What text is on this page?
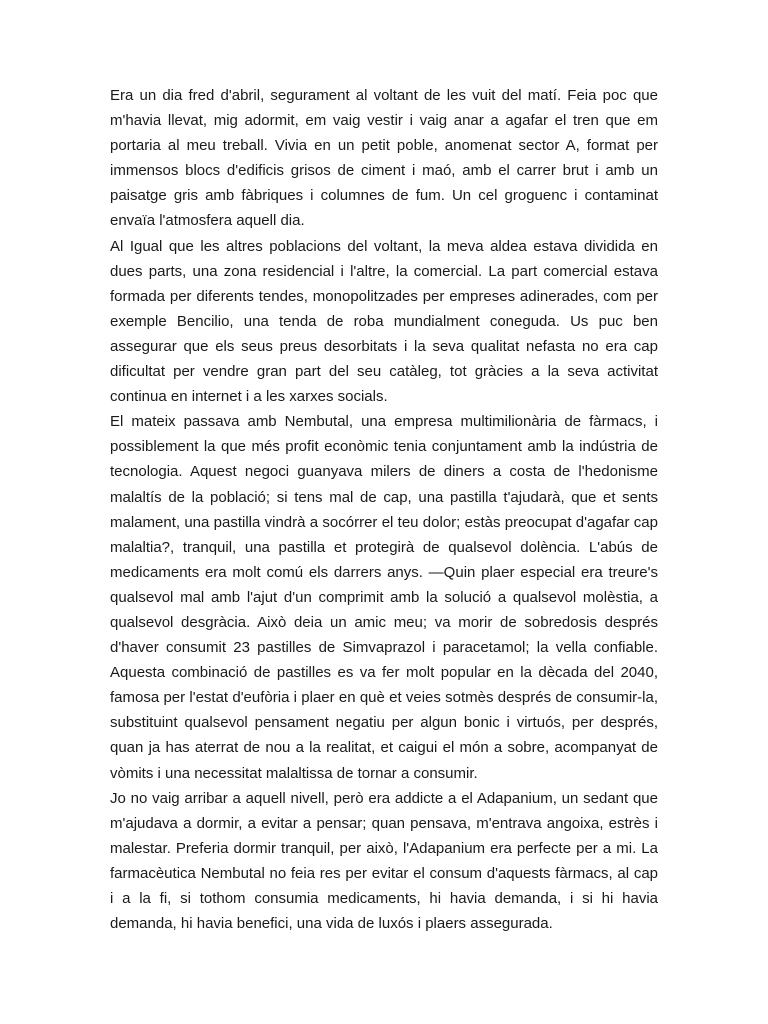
Era un dia fred d'abril, segurament al voltant de les vuit del matí. Feia poc que m'havia llevat, mig adormit, em vaig vestir i vaig anar a agafar el tren que em portaria al meu treball. Vivia en un petit poble, anomenat sector A, format per immensos blocs d'edificis grisos de ciment i maó, amb el carrer brut i amb un paisatge gris amb fàbriques i columnes de fum. Un cel groguenc i contaminat envaïa l'atmosfera aquell dia.

Al Igual que les altres poblacions del voltant, la meva aldea estava dividida en dues parts, una zona residencial i l'altre, la comercial. La part comercial estava formada per diferents tendes, monopolitzades per empreses adinerades, com per exemple Bencilio, una tenda de roba mundialment coneguda. Us puc ben assegurar que els seus preus desorbitats i la seva qualitat nefasta no era cap dificultat per vendre gran part del seu catàleg, tot gràcies a la seva activitat continua en internet i a les xarxes socials.

El mateix passava amb Nembutal, una empresa multimilionària de fàrmacs, i possiblement la que més profit econòmic tenia conjuntament amb la indústria de tecnologia. Aquest negoci guanyava milers de diners a costa de l'hedonisme malaltís de la població; si tens mal de cap, una pastilla t'ajudarà, que et sents malament, una pastilla vindrà a socórrer el teu dolor; estàs preocupat d'agafar cap malaltia?, tranquil, una pastilla et protegirà de qualsevol dolència. L'abús de medicaments era molt comú els darrers anys. —Quin plaer especial era treure's qualsevol mal amb l'ajut d'un comprimit amb la solució a qualsevol molèstia, a qualsevol desgràcia. Això deia un amic meu; va morir de sobredosis després d'haver consumit 23 pastilles de Simvaprazol i paracetamol; la vella confiable. Aquesta combinació de pastilles es va fer molt popular en la dècada del 2040, famosa per l'estat d'eufòria i plaer en què et veies sotmès després de consumir-la, substituint qualsevol pensament negatiu per algun bonic i virtuós, per després, quan ja has aterrat de nou a la realitat, et caigui el món a sobre, acompanyat de vòmits i una necessitat malaltissa de tornar a consumir.

Jo no vaig arribar a aquell nivell, però era addicte a el Adapanium, un sedant que m'ajudava a dormir, a evitar a pensar; quan pensava, m'entrava angoixa, estrès i malestar. Preferia dormir tranquil, per això, l'Adapanium era perfecte per a mi. La farmacèutica Nembutal no feia res per evitar el consum d'aquests fàrmacs, al cap i a la fi, si tothom consumia medicaments, hi havia demanda, i si hi havia demanda, hi havia benefici, una vida de luxós i plaers assegurada.
